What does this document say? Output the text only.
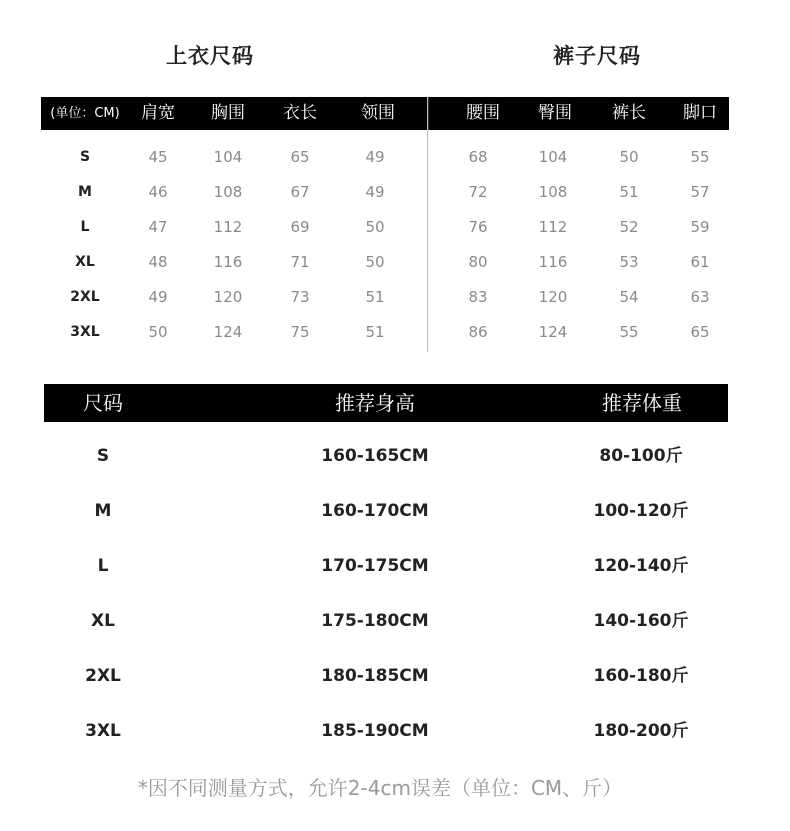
上衣尺码	裤子尺码
(单位：CM)	肩宽	胸围	衣长	领围	腰围	臀围	裤长	脚口
S	45	104	65	49	68	104	50	55
M	46	108	67	49	72	108	51	57
L	47	112	69	50	76	112	52	59
XL	48	116	71	50	80	116	53	61
2XL	49	120	73	51	83	120	54	63
3XL	50	124	75	51	86	124	55	65
尺码	推荐身高	推荐体重
S	160-165CM	80-100斤
M	160-170CM	100-120斤
L	170-175CM	120-140斤
XL	175-180CM	140-160斤
2XL	180-185CM	160-180斤
3XL	185-190CM	180-200斤
*因不同测量方式，允许2-4cm误差（单位：CM、斤）
